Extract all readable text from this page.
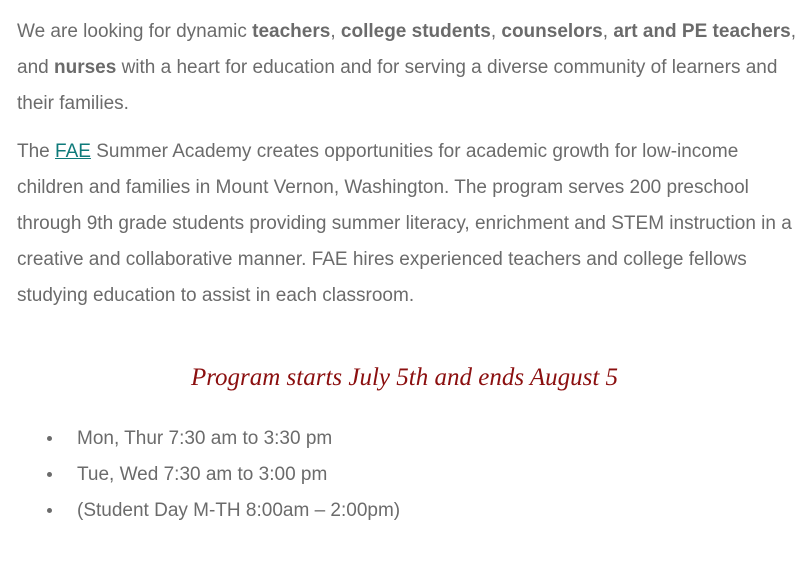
We are looking for dynamic teachers, college students, counselors, art and PE teachers, and nurses with a heart for education and for serving a diverse community of learners and their families.

The FAE Summer Academy creates opportunities for academic growth for low-income children and families in Mount Vernon, Washington. The program serves 200 preschool through 9th grade students providing summer literacy, enrichment and STEM instruction in a creative and collaborative manner. FAE hires experienced teachers and college fellows studying education to assist in each classroom.

Program starts July 5th and ends August 5
Mon, Thur 7:30 am to 3:30 pm
Tue, Wed 7:30 am to 3:00 pm
(Student Day M-TH 8:00am – 2:00pm)
